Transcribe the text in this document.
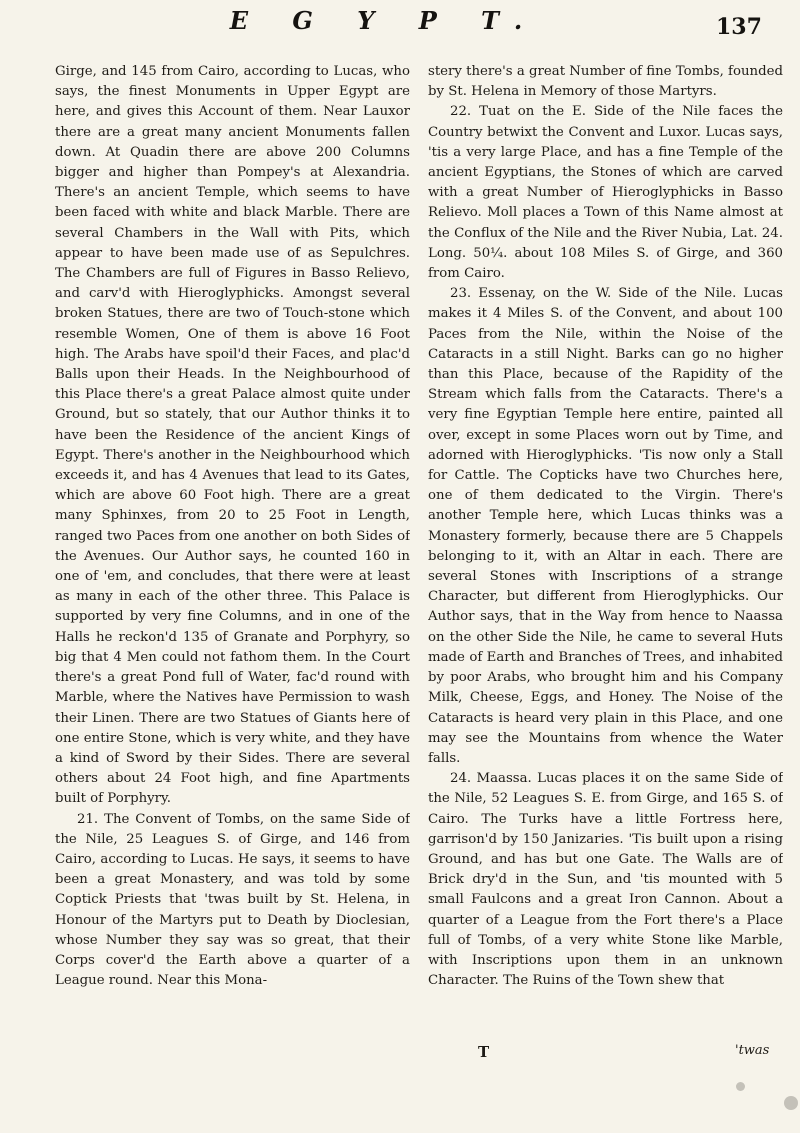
E G Y P T.	137

Girge, and 145 from Cairo, according to Lucas, who says, the finest Monuments in Upper Egypt are here, and gives this Account of them. Near Lauxor there are a great many ancient Monuments fallen down. At Quadin there are above 200 Columns bigger and higher than Pompey's at Alexandria. There's an ancient Temple, which seems to have been faced with white and black Marble. There are several Chambers in the Wall with Pits, which appear to have been made use of as Sepulchres. The Chambers are full of Figures in Basso Relievo, and carv'd with Hieroglyphicks. Amongst several broken Statues, there are two of Touch-stone which resemble Women, One of them is above 16 Foot high. The Arabs have spoil'd their Faces, and plac'd Balls upon their Heads. In the Neighbourhood of this Place there's a great Palace almost quite under Ground, but so stately, that our Author thinks it to have been the Residence of the ancient Kings of Egypt. There's another in the Neighbourhood which exceeds it, and has 4 Avenues that lead to its Gates, which are above 60 Foot high. There are a great many Sphinxes, from 20 to 25 Foot in Length, ranged two Paces from one another on both Sides of the Avenues. Our Author says, he counted 160 in one of 'em, and concludes, that there were at least as many in each of the other three. This Palace is supported by very fine Columns, and in one of the Halls he reckon'd 135 of Granate and Porphyry, so big that 4 Men could not fathom them. In the Court there's a great Pond full of Water, fac'd round with Marble, where the Natives have Permission to wash their Linen. There are two Statues of Giants here of one entire Stone, which is very white, and they have a kind of Sword by their Sides. There are several others about 24 Foot high, and fine Apartments built of Porphyry.

21. The Convent of Tombs, on the same Side of the Nile, 25 Leagues S. of Girge, and 146 from Cairo, according to Lucas. He says, it seems to have been a great Monastery, and was told by some Coptick Priests that 'twas built by St. Helena, in Honour of the Martyrs put to Death by Dioclesian, whose Number they say was so great, that their Corps cover'd the Earth above a quarter of a League round. Near this Mona-

stery there's a great Number of fine Tombs, founded by St. Helena in Memory of those Martyrs.

22. Tuat on the E. Side of the Nile faces the Country betwixt the Convent and Luxor. Lucas says, 'tis a very large Place, and has a fine Temple of the ancient Egyptians, the Stones of which are carved with a great Number of Hieroglyphicks in Basso Relievo. Moll places a Town of this Name almost at the Conflux of the Nile and the River Nubia, Lat. 24. Long. 50¼. about 108 Miles S. of Girge, and 360 from Cairo.

23. Essenay, on the W. Side of the Nile. Lucas makes it 4 Miles S. of the Convent, and about 100 Paces from the Nile, within the Noise of the Cataracts in a still Night. Barks can go no higher than this Place, because of the Rapidity of the Stream which falls from the Cataracts. There's a very fine Egyptian Temple here entire, painted all over, except in some Places worn out by Time, and adorned with Hieroglyphicks. 'Tis now only a Stall for Cattle. The Copticks have two Churches here, one of them dedicated to the Virgin. There's another Temple here, which Lucas thinks was a Monastery formerly, because there are 5 Chappels belonging to it, with an Altar in each. There are several Stones with Inscriptions of a strange Character, but different from Hieroglyphicks. Our Author says, that in the Way from hence to Naassa on the other Side the Nile, he came to several Huts made of Earth and Branches of Trees, and inhabited by poor Arabs, who brought him and his Company Milk, Cheese, Eggs, and Honey. The Noise of the Cataracts is heard very plain in this Place, and one may see the Mountains from whence the Water falls.

24. Maassa. Lucas places it on the same Side of the Nile, 52 Leagues S. E. from Girge, and 165 S. of Cairo. The Turks have a little Fortress here, garrison'd by 150 Janizaries. 'Tis built upon a rising Ground, and has but one Gate. The Walls are of Brick dry'd in the Sun, and 'tis mounted with 5 small Faulcons and a great Iron Cannon. About a quarter of a League from the Fort there's a Place full of Tombs, of a very white Stone like Marble, with Inscriptions upon them in an unknown Character. The Ruins of the Town shew that

T	'twas
